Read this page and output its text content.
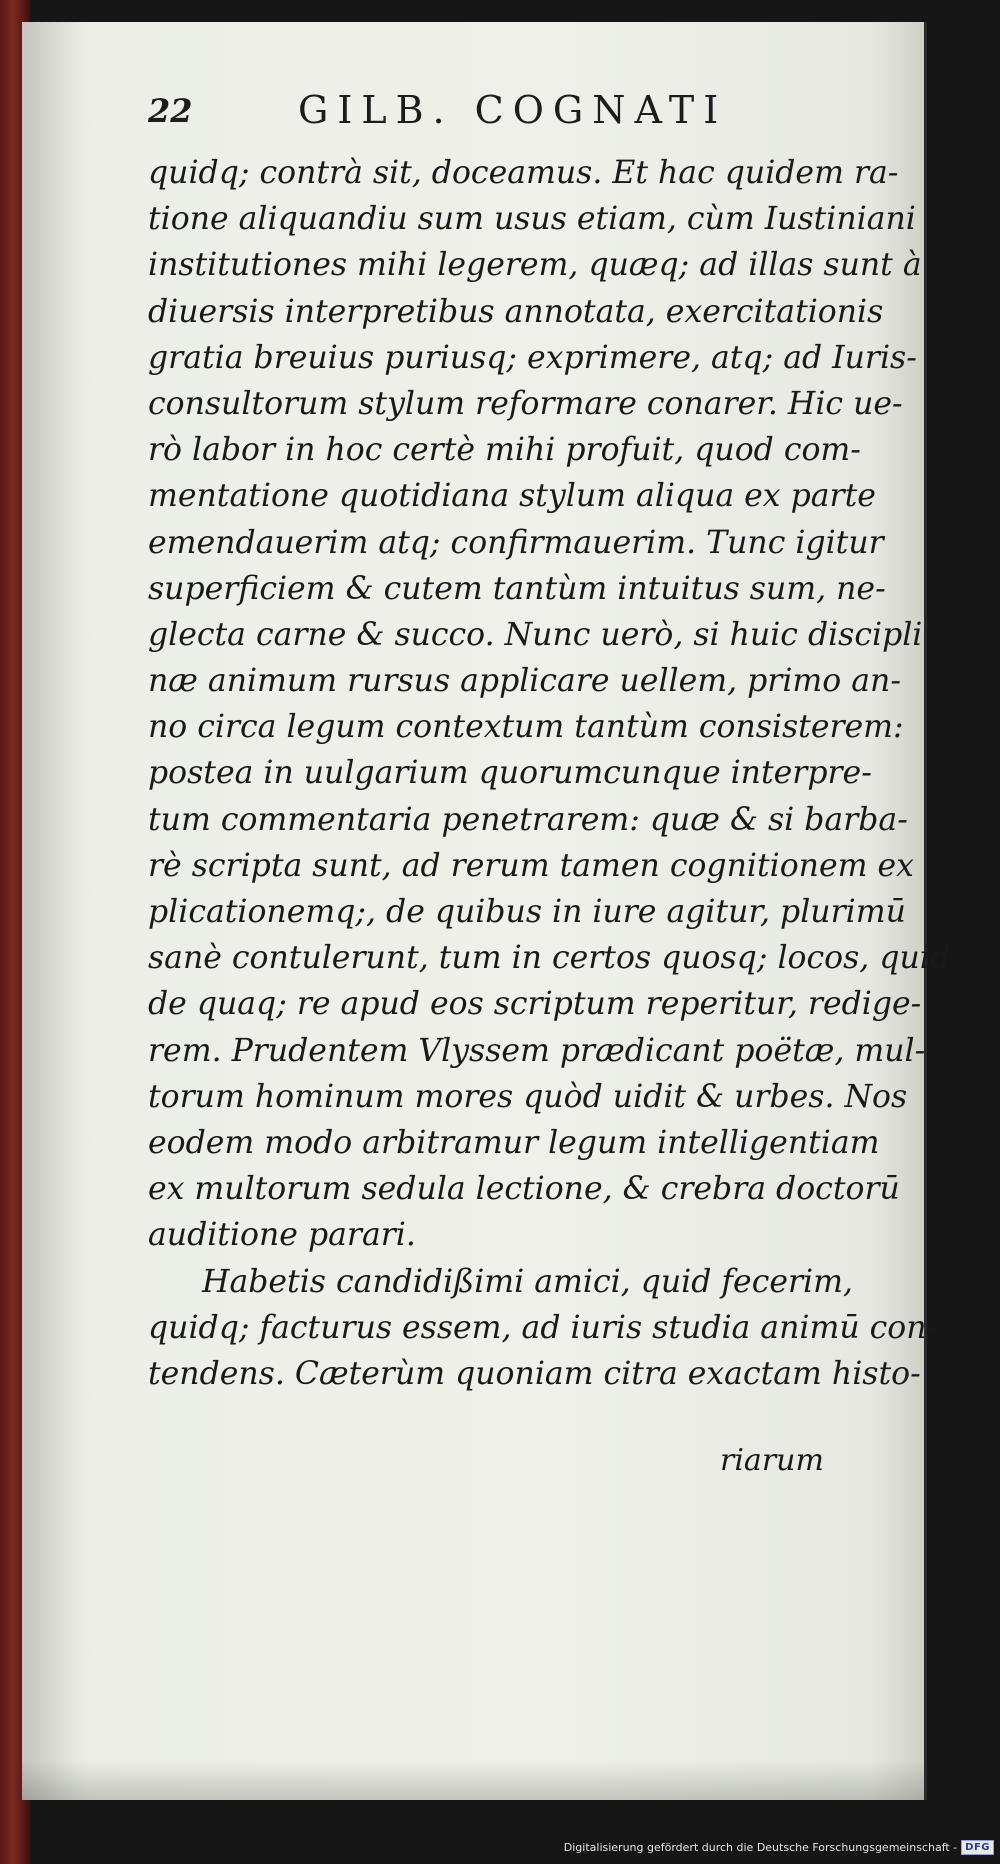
22	GILB. COGNATI
quidq; contrà sit, doceamus. Et hac quidem ra-
tione aliquandiu sum usus etiam, cùm Iustiniani
institutiones mihi legerem, quæq; ad illas sunt à
diuersis interpretibus annotata, exercitationis
gratia breuius puriusq; exprimere, atq; ad Iuris-
consultorum stylum reformare conarer. Hic ue-
rò labor in hoc certè mihi profuit, quod com-
mentatione quotidiana stylum aliqua ex parte
emendauerim atq; confirmauerim. Tunc igitur
superficiem & cutem tantùm intuitus sum, ne-
glecta carne & succo. Nunc uerò, si huic discipli
næ animum rursus applicare uellem, primo an-
no circa legum contextum tantùm consisterem:
postea in uulgarium quorumcunque interpre-
tum commentaria penetrarem: quæ & si barba-
rè scripta sunt, ad rerum tamen cognitionem ex
plicationemq;, de quibus in iure agitur, plurimū
sanè contulerunt, tum in certos quosq; locos, quid
de quaq; re apud eos scriptum reperitur, redige-
rem. Prudentem Vlyssem prædicant poëtæ, mul-
torum hominum mores quòd uidit & urbes. Nos
eodem modo arbitramur legum intelligentiam
ex multorum sedula lectione, & crebra doctorū
auditione parari.
Habetis candidißimi amici, quid fecerim,
quidq; facturus essem, ad iuris studia animū con-
tendens. Cæterùm quoniam citra exactam histo-
riarum
Digitalisierung gefördert durch die Deutsche Forschungsgemeinschaft - DFG
